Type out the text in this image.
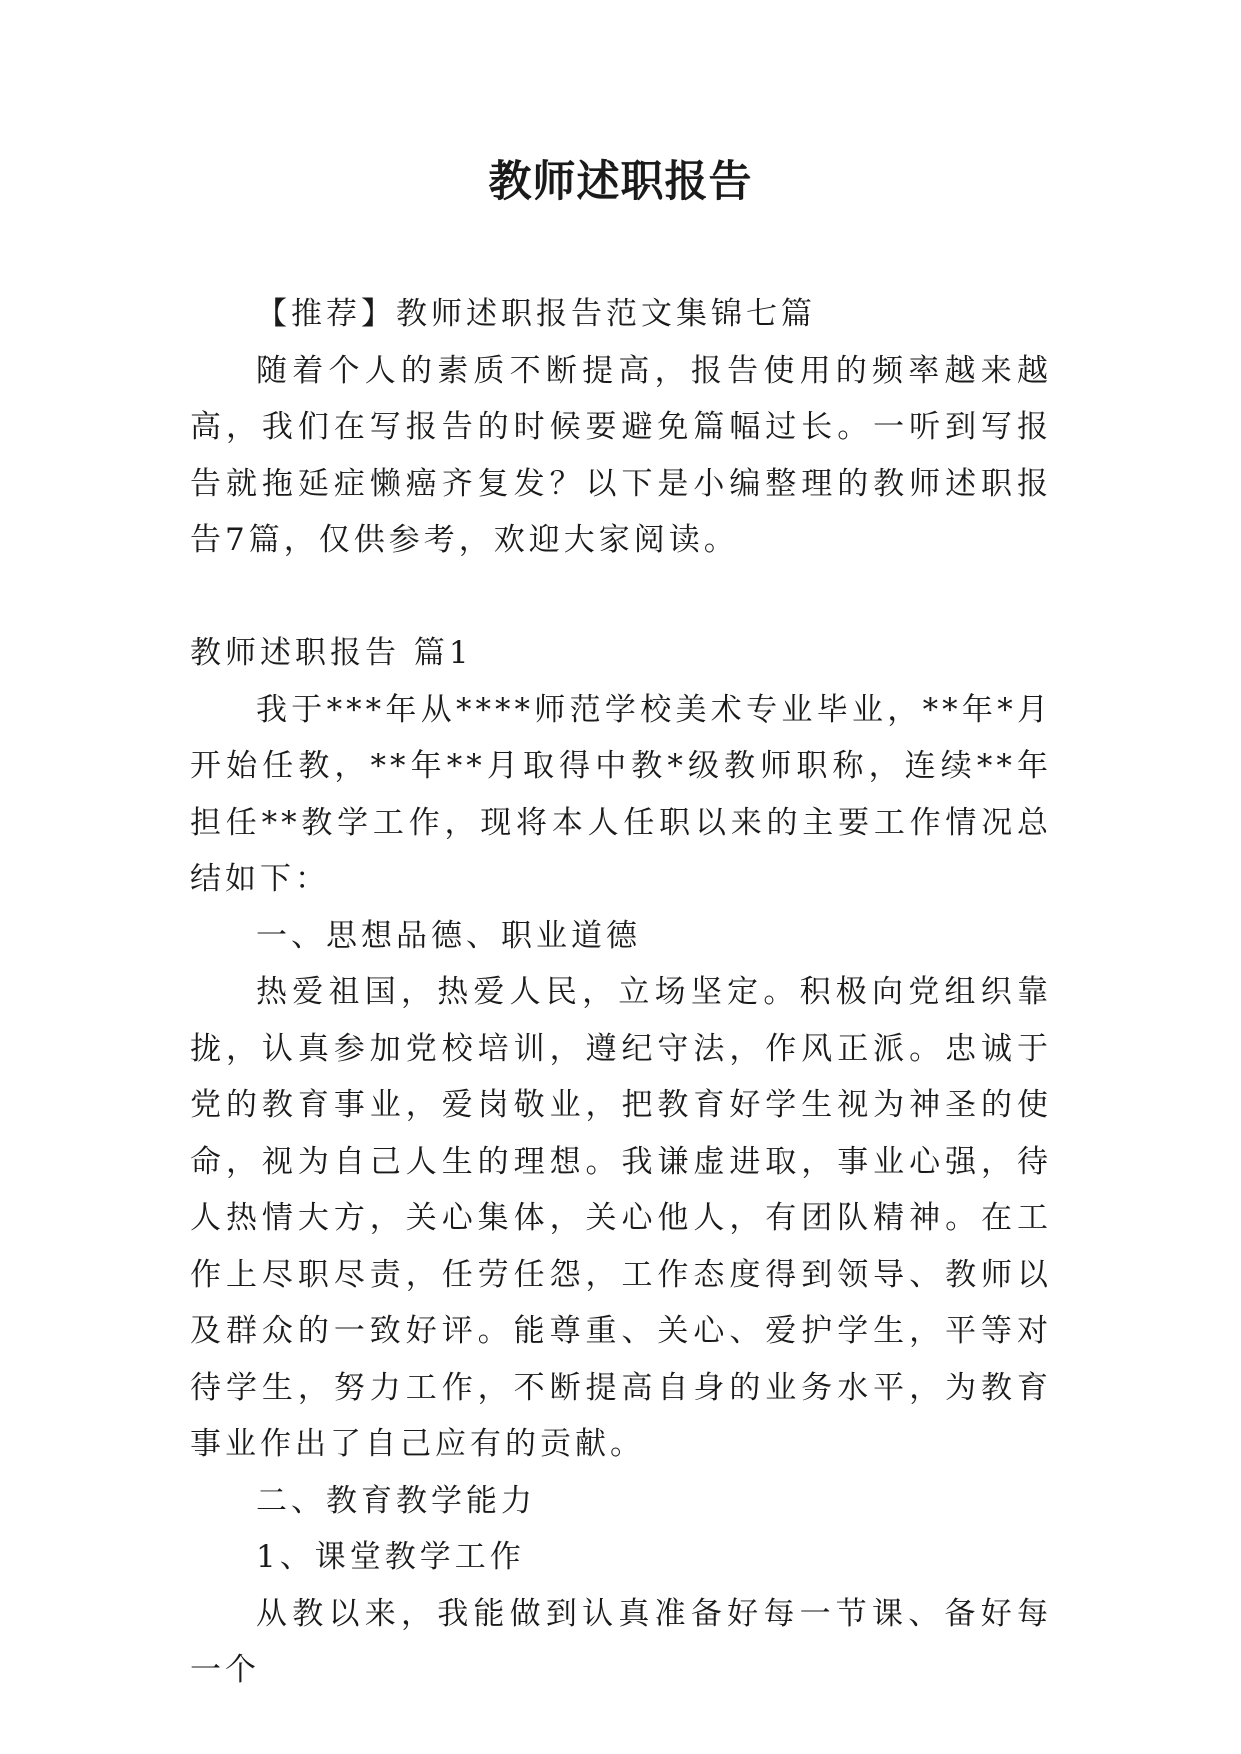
教师述职报告

【推荐】教师述职报告范文集锦七篇

随着个人的素质不断提高，报告使用的频率越来越高，我们在写报告的时候要避免篇幅过长。一听到写报告就拖延症懒癌齐复发？以下是小编整理的教师述职报告7篇，仅供参考，欢迎大家阅读。

教师述职报告 篇1

我于***年从****师范学校美术专业毕业，**年*月开始任教，**年**月取得中教*级教师职称，连续**年担任**教学工作，现将本人任职以来的主要工作情况总结如下：

一、思想品德、职业道德

热爱祖国，热爱人民，立场坚定。积极向党组织靠拢，认真参加党校培训，遵纪守法，作风正派。忠诚于党的教育事业，爱岗敬业，把教育好学生视为神圣的使命，视为自己人生的理想。我谦虚进取，事业心强，待人热情大方，关心集体，关心他人，有团队精神。在工作上尽职尽责，任劳任怨，工作态度得到领导、教师以及群众的一致好评。能尊重、关心、爱护学生，平等对待学生，努力工作，不断提高自身的业务水平，为教育事业作出了自己应有的贡献。

二、教育教学能力

1、课堂教学工作

从教以来，我能做到认真准备好每一节课、备好每一个
